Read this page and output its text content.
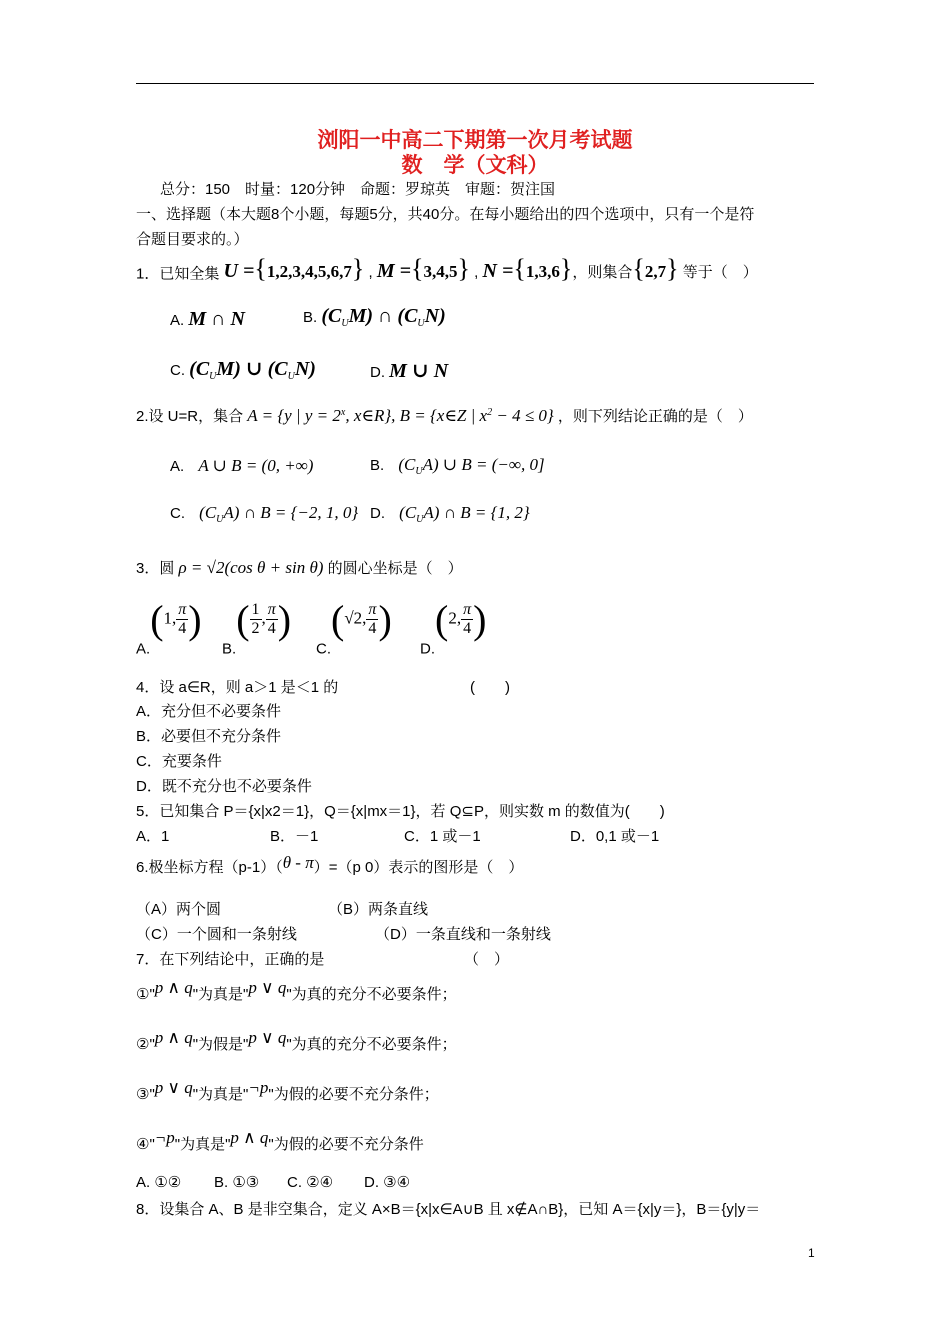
浏阳一中高二下期第一次月考试题
数　学（文科）
总分：150　时量：120分钟　命题：罗琼英　审题：贺注国
一、选择题（本大题8个小题，每题5分，共40分。在每小题给出的四个选项中，只有一个是符
合题目要求的。）
1．已知全集 U ={1,2,3,4,5,6,7} , M ={3,4,5} , N ={1,3,6}，则集合{2,7} 等于（　）
A. M ∩ N	B. $(C_UM)$ ∩ $(C_UN)$
C. $(C_UM)$ ∪ $(C_UN)$	D. M ∪ N
2.设 U=R，集合 A = {y | $y = 2^x$, x∈R}, B = {x∈Z | $x^2 - 4 \le 0$} ，则下列结论正确的是（　）
A. A ∪ B = (0, +∞)	B. $(C_UA)$ ∪ B = (−∞, 0]
C. $(C_UA)$ ∩ B = {−2, 1, 0} D. $(C_UA)$ ∩ B = {1, 2}
3．圆 ρ = √2(cos θ + sin θ) 的圆心坐标是（　）
A.(1, $\frac{\pi}{4}$ )
$B.( \frac{1}{2}$ , $\frac{\pi}{4}$ )
C.(√2, $\frac{\pi}{4}$ )
D.(2, $\frac{\pi}{4}$ )
4．设 a∈R，则 a＞1 是＜1 的	(　　)
A．充分但不必要条件
B．必要但不充分条件
C．充要条件
D．既不充分也不必要条件
5．已知集合 P＝{x|x2＝1}，Q＝{x|mx＝1}，若 Q⊆P，则实数 m 的数值为(　　)
A．1	B．－1	C．1 或－1	D．0,1 或－1
6.极坐标方程（p-1）（θ - π）=（p 0）表示的图形是（　）
（A）两个圆	（B）两条直线
（C）一个圆和一条射线	（D）一条直线和一条射线
7．在下列结论中，正确的是	（　）
①"p ∧ q"为真是"p ∨ q"为真的充分不必要条件；
②"p ∧ q"为假是"p ∨ q"为真的充分不必要条件；
③"p ∨ q"为真是"¬p"为假的必要不充分条件；
④"¬p"为真是"p ∧ q"为假的必要不充分条件
A. ①② B. ①③ C. ②④ D. ③④
8．设集合 A、B 是非空集合，定义 A×B＝{x|x∈A∪B 且 x∉A∩B}，已知 A＝{x|y＝}，B＝{y|y＝
1
